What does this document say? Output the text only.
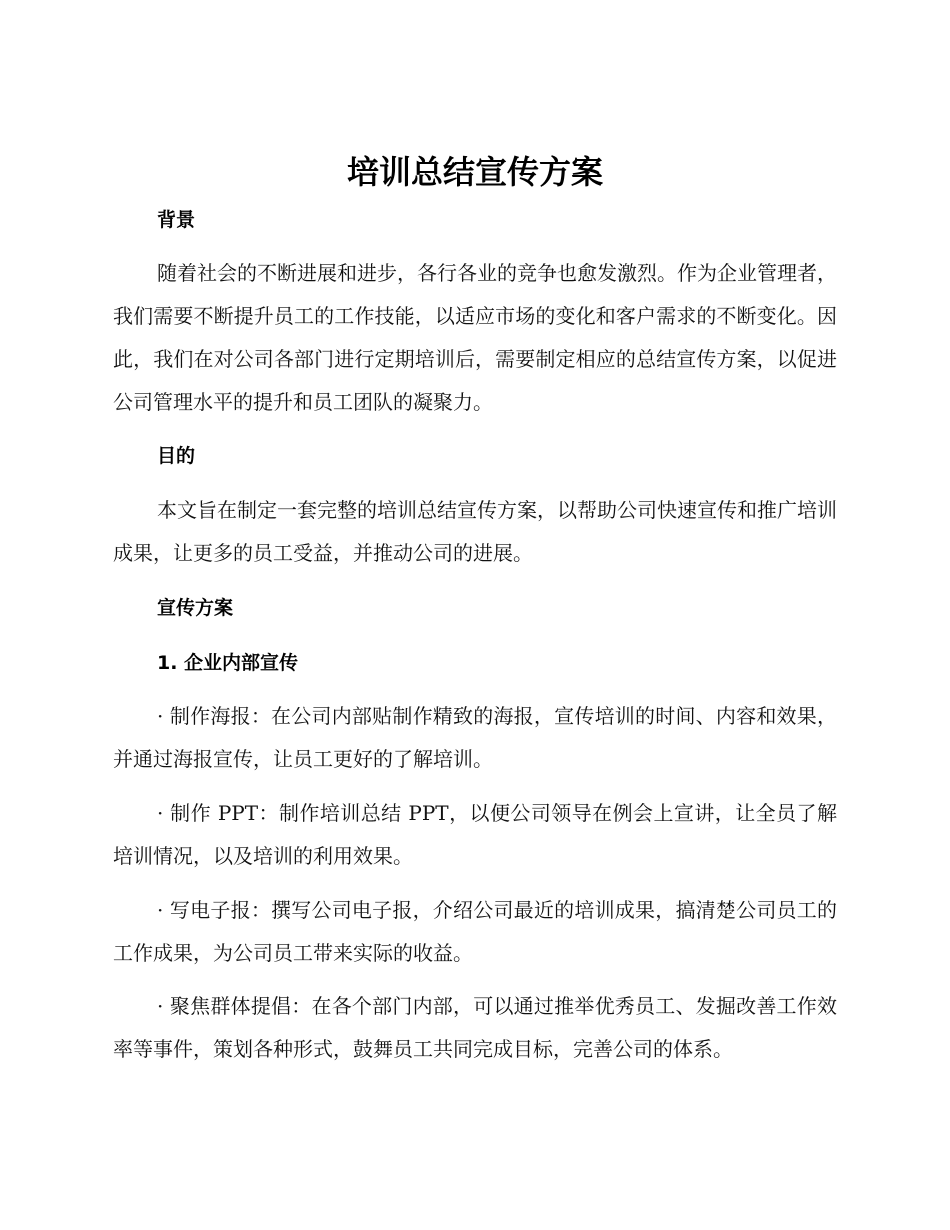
培训总结宣传方案
背景

随着社会的不断进展和进步，各行各业的竞争也愈发激烈。作为企业管理者，我们需要不断提升员工的工作技能，以适应市场的变化和客户需求的不断变化。因此，我们在对公司各部门进行定期培训后，需要制定相应的总结宣传方案，以促进公司管理水平的提升和员工团队的凝聚力。

目的

本文旨在制定一套完整的培训总结宣传方案，以帮助公司快速宣传和推广培训成果，让更多的员工受益，并推动公司的进展。

宣传方案
1. 企业内部宣传

· 制作海报：在公司内部贴制作精致的海报，宣传培训的时间、内容和效果，并通过海报宣传，让员工更好的了解培训。

· 制作 PPT：制作培训总结 PPT，以便公司领导在例会上宣讲，让全员了解培训情况，以及培训的利用效果。

· 写电子报：撰写公司电子报，介绍公司最近的培训成果，搞清楚公司员工的工作成果，为公司员工带来实际的收益。

· 聚焦群体提倡：在各个部门内部，可以通过推举优秀员工、发掘改善工作效率等事件，策划各种形式，鼓舞员工共同完成目标，完善公司的体系。
